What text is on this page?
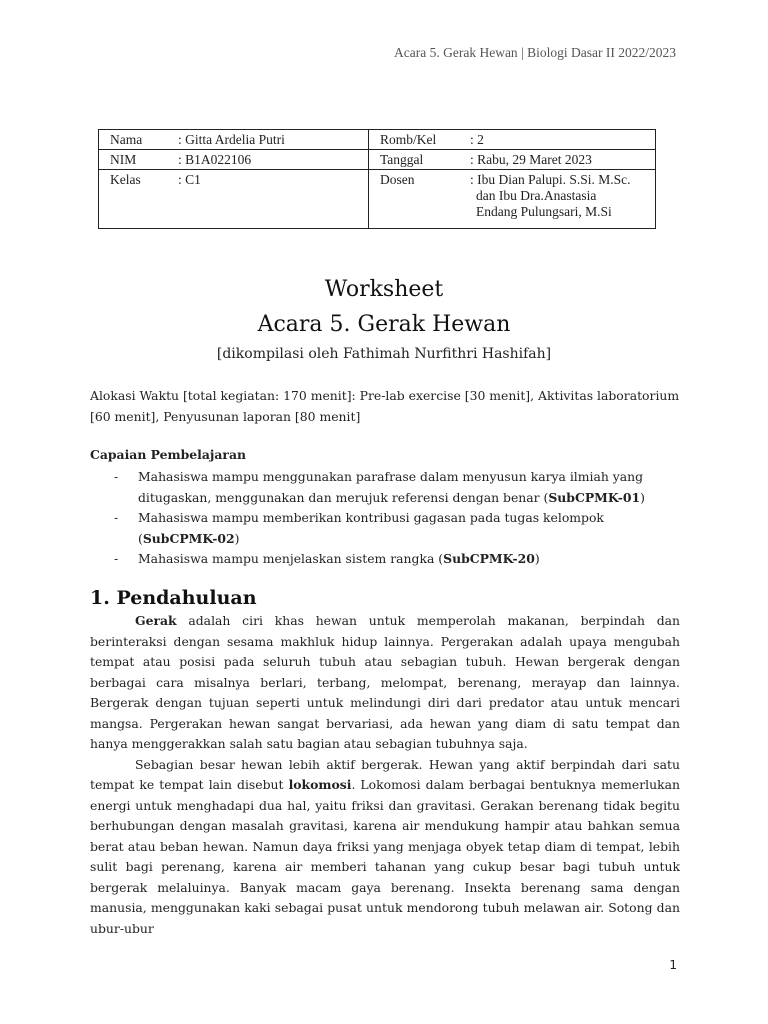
Acara 5. Gerak Hewan | Biologi Dasar II 2022/2023
Nama	: Gitta Ardelia Putri	Romb/Kel	: 2
NIM	: B1A022106	Tanggal	: Rabu, 29 Maret 2023
Kelas	: C1	Dosen	: Ibu Dian Palupi. S.Si. M.Sc.
dan Ibu Dra.Anastasia
Endang Pulungsari, M.Si
Worksheet
Acara 5. Gerak Hewan
[dikompilasi oleh Fathimah Nurfithri Hashifah]
Alokasi Waktu [total kegiatan: 170 menit]: Pre-lab exercise [30 menit], Aktivitas laboratorium [60 menit], Penyusunan laporan [80 menit]
Capaian Pembelajaran
- Mahasiswa mampu menggunakan parafrase dalam menyusun karya ilmiah yang ditugaskan, menggunakan dan merujuk referensi dengan benar (SubCPMK-01)
- Mahasiswa mampu memberikan kontribusi gagasan pada tugas kelompok (SubCPMK-02)
- Mahasiswa mampu menjelaskan sistem rangka (SubCPMK-20)
1. Pendahuluan

Gerak adalah ciri khas hewan untuk memperolah makanan, berpindah dan berinteraksi dengan sesama makhluk hidup lainnya. Pergerakan adalah upaya mengubah tempat atau posisi pada seluruh tubuh atau sebagian tubuh. Hewan bergerak dengan berbagai cara misalnya berlari, terbang, melompat, berenang, merayap dan lainnya. Bergerak dengan tujuan seperti untuk melindungi diri dari predator atau untuk mencari mangsa. Pergerakan hewan sangat bervariasi, ada hewan yang diam di satu tempat dan hanya menggerakkan salah satu bagian atau sebagian tubuhnya saja.

Sebagian besar hewan lebih aktif bergerak. Hewan yang aktif berpindah dari satu tempat ke tempat lain disebut lokomosi. Lokomosi dalam berbagai bentuknya memerlukan energi untuk menghadapi dua hal, yaitu friksi dan gravitasi. Gerakan berenang tidak begitu berhubungan dengan masalah gravitasi, karena air mendukung hampir atau bahkan semua berat atau beban hewan. Namun daya friksi yang menjaga obyek tetap diam di tempat, lebih sulit bagi perenang, karena air memberi tahanan yang cukup besar bagi tubuh untuk bergerak melaluinya. Banyak macam gaya berenang. Insekta berenang sama dengan manusia, menggunakan kaki sebagai pusat untuk mendorong tubuh melawan air. Sotong dan ubur-ubur

1
